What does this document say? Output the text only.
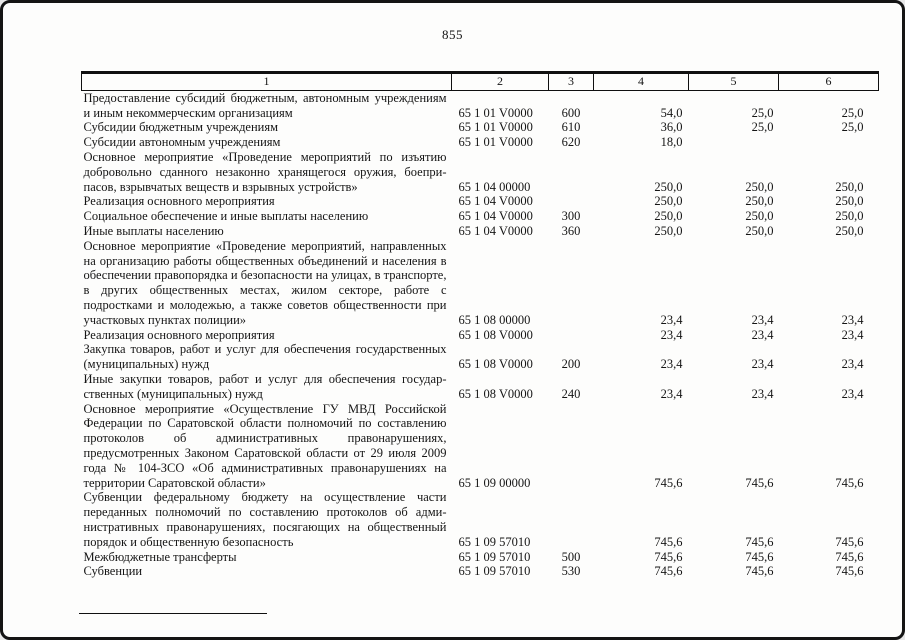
855
1	2	3	4	5	6
Предоставление субсидий бюджетным, автономным учреждениям и иным некоммерческим организациям	65 1 01 V0000	600	54,0	25,0	25,0
Субсидии бюджетным учреждениям	65 1 01 V0000	610	36,0	25,0	25,0
Субсидии автономным учреждениям	65 1 01 V0000	620	18,0		
Основное мероприятие «Проведение мероприятий по изъятию добровольно сданного незаконно хранящегося оружия, боеприпасов, взрывчатых веществ и взрывных устройств»	65 1 04 00000		250,0	250,0	250,0
Реализация основного мероприятия	65 1 04 V0000		250,0	250,0	250,0
Социальное обеспечение и иные выплаты населению	65 1 04 V0000	300	250,0	250,0	250,0
Иные выплаты населению	65 1 04 V0000	360	250,0	250,0	250,0
Основное мероприятие «Проведение мероприятий, направленных на организацию работы общественных объединений и населения в обеспечении правопорядка и безопасности на улицах, в транспорте, в других общественных местах, жилом секторе, работе с подростками и молодежью, а также советов общественности при участковых пунктах полиции»	65 1 08 00000		23,4	23,4	23,4
Реализация основного мероприятия	65 1 08 V0000		23,4	23,4	23,4
Закупка товаров, работ и услуг для обеспечения государственных (муниципальных) нужд	65 1 08 V0000	200	23,4	23,4	23,4
Иные закупки товаров, работ и услуг для обеспечения государственных (муниципальных) нужд	65 1 08 V0000	240	23,4	23,4	23,4
Основное мероприятие «Осуществление ГУ МВД Российской Федерации по Саратовской области полномочий по составлению протоколов об административных правонарушениях, предусмотренных Законом Саратовской области от 29 июля 2009 года № 104-ЗСО «Об административных правонарушениях на территории Саратовской области»	65 1 09 00000		745,6	745,6	745,6
Субвенции федеральному бюджету на осуществление части переданных полномочий по составлению протоколов об административных правонарушениях, посягающих на общественный порядок и общественную безопасность	65 1 09 57010		745,6	745,6	745,6
Межбюджетные трансферты	65 1 09 57010	500	745,6	745,6	745,6
Субвенции	65 1 09 57010	530	745,6	745,6	745,6
